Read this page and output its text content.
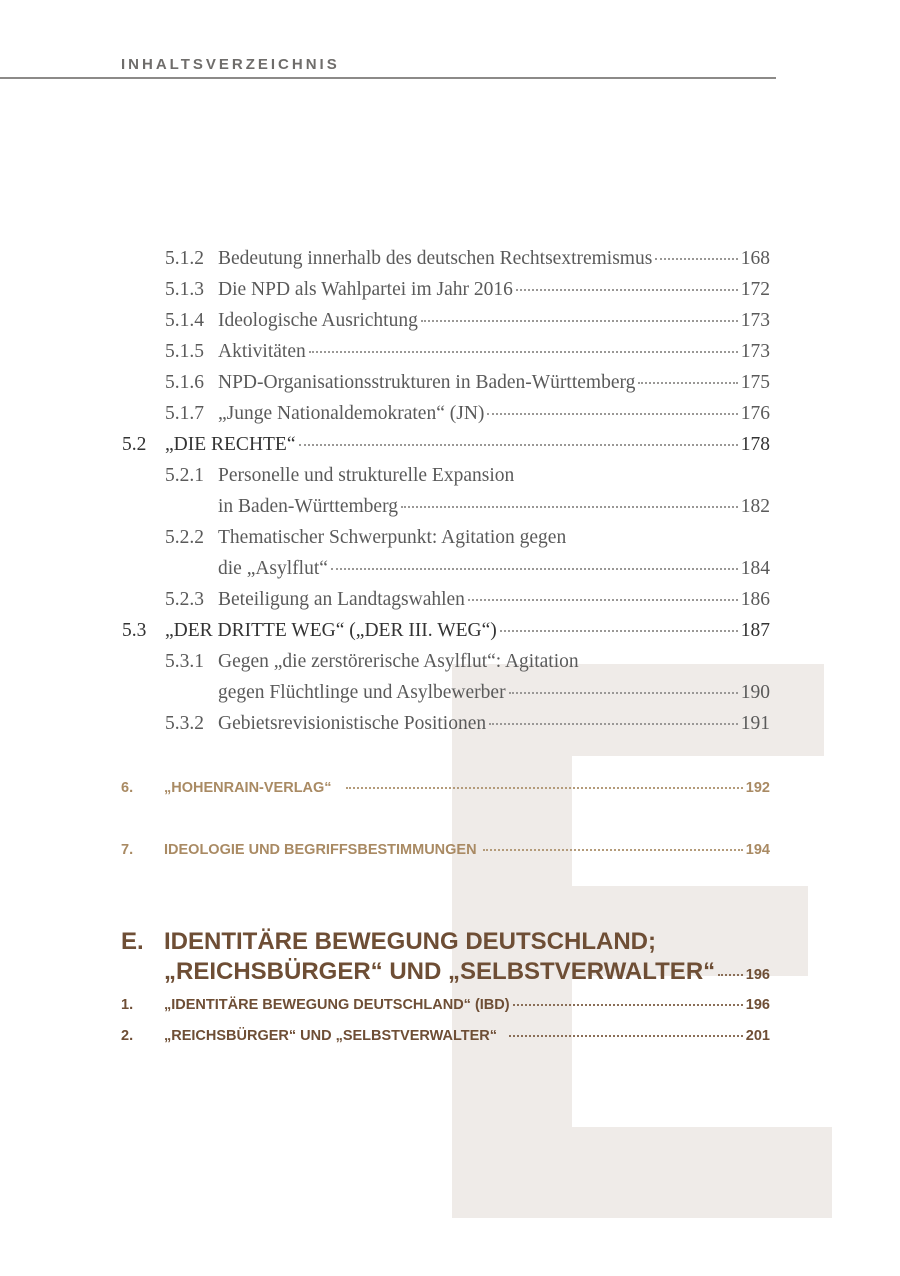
INHALTSVERZEICHNIS
5.1.2 Bedeutung innerhalb des deutschen Rechtsextremismus	168
5.1.3 Die NPD als Wahlpartei im Jahr 2016	172
5.1.4 Ideologische Ausrichtung	173
5.1.5 Aktivitäten	173
5.1.6 NPD-Organisationsstrukturen in Baden-Württemberg	175
5.1.7 „Junge Nationaldemokraten“ (JN)	176
5.2 „DIE RECHTE“	178
5.2.1 Personelle und strukturelle Expansion
in Baden-Württemberg	182
5.2.2 Thematischer Schwerpunkt: Agitation gegen
die „Asylflut“	184
5.2.3 Beteiligung an Landtagswahlen	186
5.3 „DER DRITTE WEG“ („DER III. WEG“)	187
5.3.1 Gegen „die zerstörerische Asylflut“: Agitation
gegen Flüchtlinge und Asylbewerber	190
5.3.2 Gebietsrevisionistische Positionen	191
6. „HOHENRAIN-VERLAG“	192
7. IDEOLOGIE UND BEGRIFFSBESTIMMUNGEN	194
E. IDENTITÄRE BEWEGUNG DEUTSCHLAND;
„REICHSBÜRGER“ UND „SELBSTVERWALTER“ 196
1. „IDENTITÄRE BEWEGUNG DEUTSCHLAND“ (IBD)	196
2. „REICHSBÜRGER“ UND „SELBSTVERWALTER“	201
